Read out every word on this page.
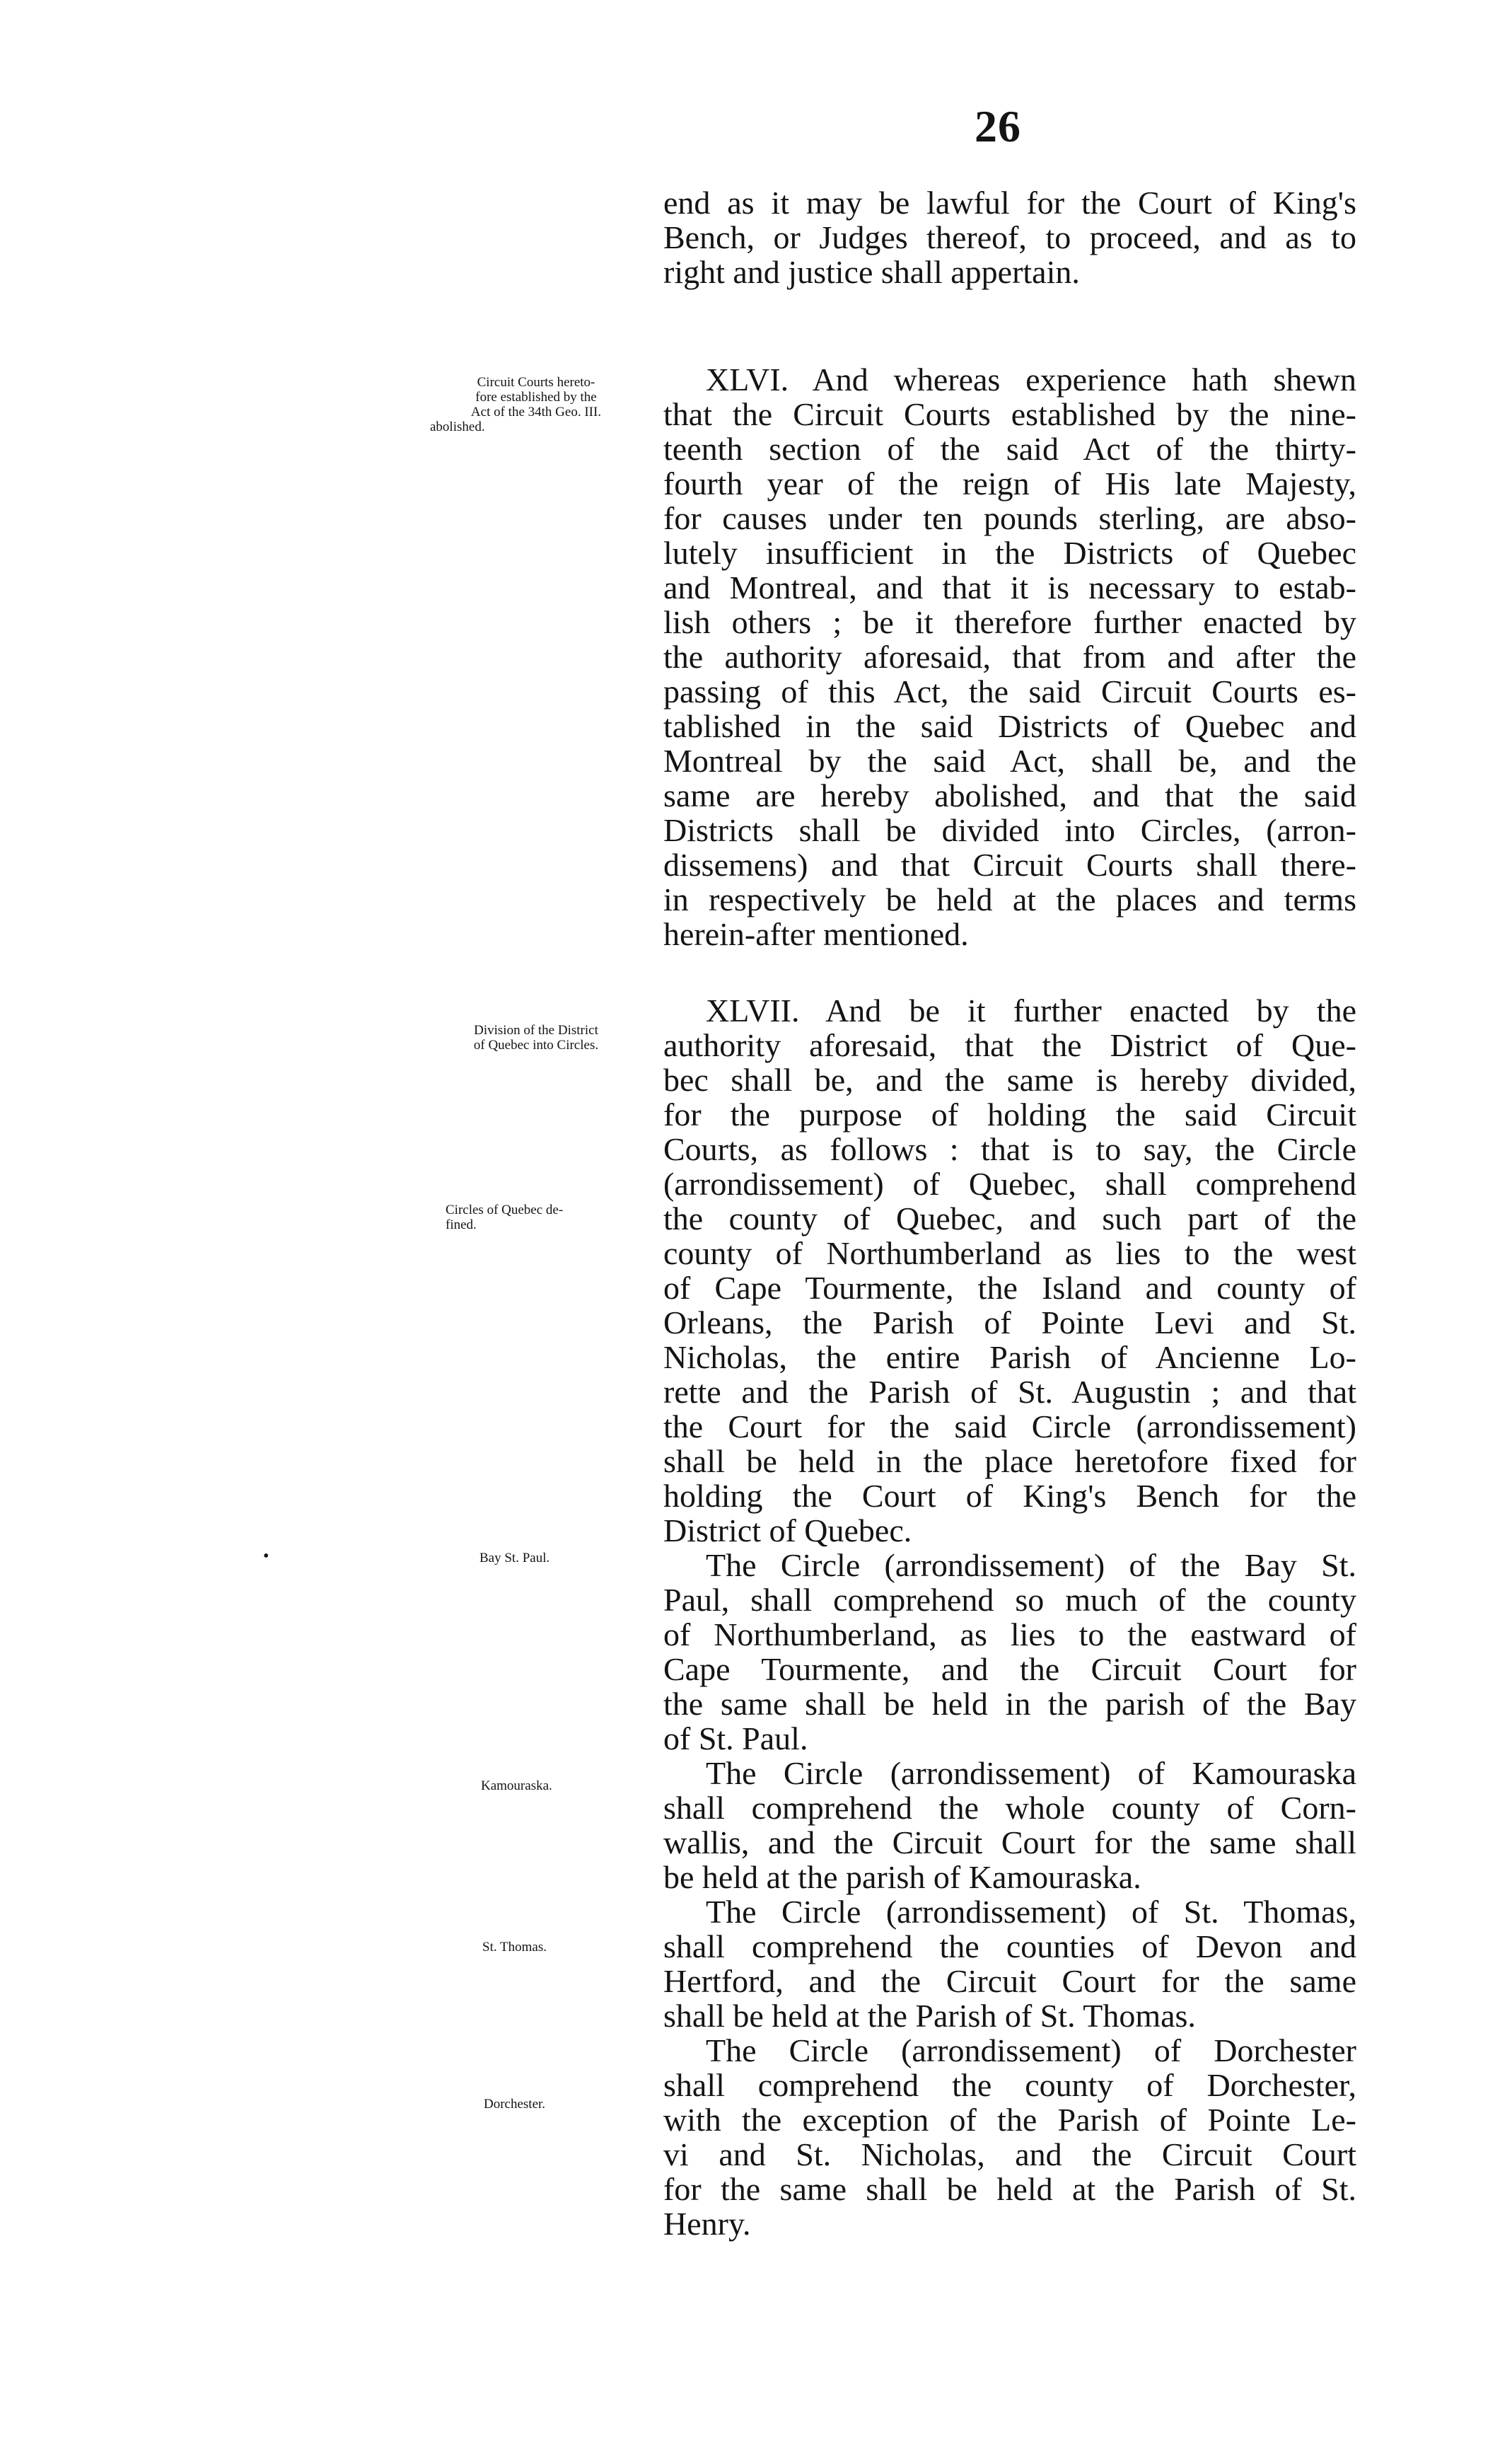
26
end as it may be lawful for the Court of King's
Bench, or Judges thereof, to proceed, and as to
right and justice shall appertain.
XLVI. And whereas experience hath shewn
that the Circuit Courts established by the nine-
teenth section of the said Act of the thirty-
fourth year of the reign of His late Majesty,
for causes under ten pounds sterling, are abso-
lutely insufficient in the Districts of Quebec
and Montreal, and that it is necessary to estab-
lish others ; be it therefore further enacted by
the authority aforesaid, that from and after the
passing of this Act, the said Circuit Courts es-
tablished in the said Districts of Quebec and
Montreal by the said Act, shall be, and the
same are hereby abolished, and that the said
Districts shall be divided into Circles, (arron-
dissemens) and that Circuit Courts shall there-
in respectively be held at the places and terms
herein-after mentioned.
XLVII. And be it further enacted by the
authority aforesaid, that the District of Que-
bec shall be, and the same is hereby divided,
for the purpose of holding the said Circuit
Courts, as follows : that is to say, the Circle
(arrondissement) of Quebec, shall comprehend
the county of Quebec, and such part of the
county of Northumberland as lies to the west
of Cape Tourmente, the Island and county of
Orleans, the Parish of Pointe Levi and St.
Nicholas, the entire Parish of Ancienne Lo-
rette and the Parish of St. Augustin ; and that
the Court for the said Circle (arrondissement)
shall be held in the place heretofore fixed for
holding the Court of King's Bench for the
District of Quebec.
The Circle (arrondissement) of the Bay St.
Paul, shall comprehend so much of the county
of Northumberland, as lies to the eastward of
Cape Tourmente, and the Circuit Court for
the same shall be held in the parish of the Bay
of St. Paul.
The Circle (arrondissement) of Kamouraska
shall comprehend the whole county of Corn-
wallis, and the Circuit Court for the same shall
be held at the parish of Kamouraska.
The Circle (arrondissement) of St. Thomas,
shall comprehend the counties of Devon and
Hertford, and the Circuit Court for the same
shall be held at the Parish of St. Thomas.
The Circle (arrondissement) of Dorchester
shall comprehend the county of Dorchester,
with the exception of the Parish of Pointe Le-
vi and St. Nicholas, and the Circuit Court
for the same shall be held at the Parish of St.
Henry.
Circuit Courts hereto-
fore established by the
Act of the 34th Geo. III.
abolished.
Division of the District
of Quebec into Circles.
Circles of Quebec de-
fined.
Bay St. Paul.
Kamouraska.
St. Thomas.
Dorchester.
•
